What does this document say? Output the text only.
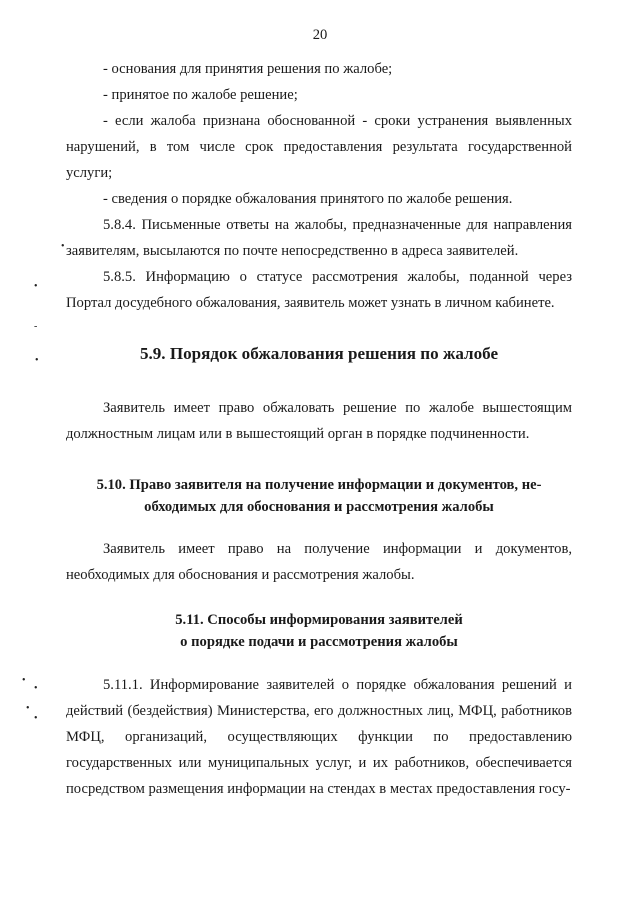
20

- основания для принятия решения по жалобе;

- принятое по жалобе решение;

- если жалоба признана обоснованной - сроки устранения выявленных нарушений, в том числе срок предоставления результата государственной услуги;

- сведения о порядке обжалования принятого по жалобе решения.

5.8.4. Письменные ответы на жалобы, предназначенные для направления заявителям, высылаются по почте непосредственно в адреса заявителей.

5.8.5. Информацию о статусе рассмотрения жалобы, поданной через Портал досудебного обжалования, заявитель может узнать в личном кабинете.

5.9. Порядок обжалования решения по жалобе

Заявитель имеет право обжаловать решение по жалобе вышестоящим должностным лицам или в вышестоящий орган в порядке подчиненности.

5.10. Право заявителя на получение информации и документов, не-
обходимых для обоснования и рассмотрения жалобы

Заявитель имеет право на получение информации и документов, необходимых для обоснования и рассмотрения жалобы.

5.11. Способы информирования заявителей
о порядке подачи и рассмотрения жалобы

5.11.1. Информирование заявителей о порядке обжалования решений и действий (бездействия) Министерства, его должностных лиц, МФЦ, работников МФЦ, организаций, осуществляющих функции по предоставлению государственных или муниципальных услуг, и их работников, обеспечивается посредством размещения информации на стендах в местах предоставления госу-

•
•
-
•
•
•
•
•
